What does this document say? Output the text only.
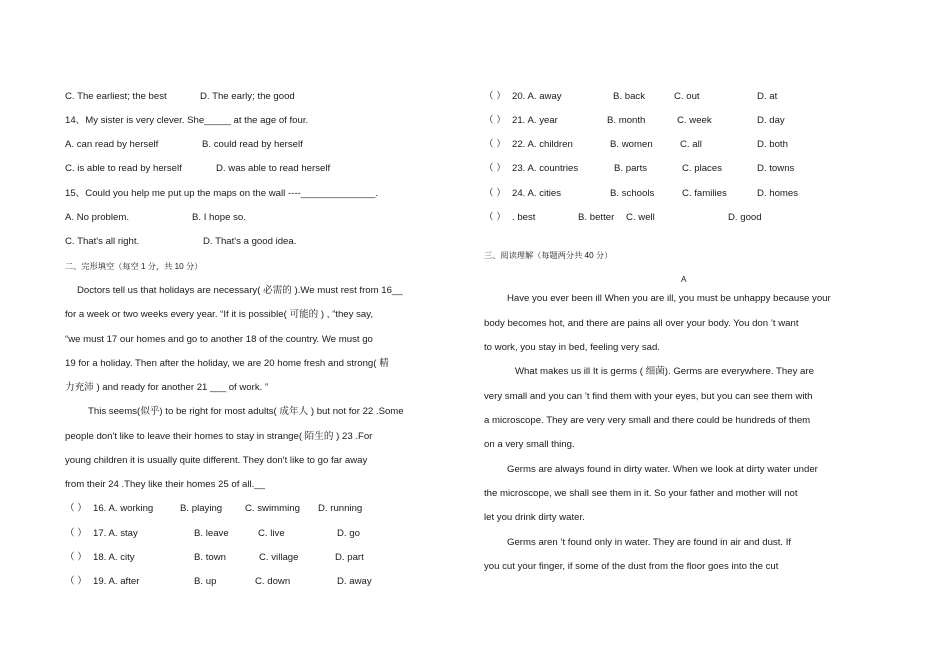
C. The earliest; the best	D. The early; the good
14、My sister is very clever. She_____ at the age of four.
A. can read by herself	B. could read by herself
C. is able to read by herself	D. was able to read herself
15、Could you help me put up the maps on the wall ----______________.
A. No problem.	B. I hope so.
C. That's all right.	D. That's a good idea.
二、完形填空（每空 1 分，共 10 分）
Doctors tell us that holidays are necessary( 必需的 ).We must rest from 16__
for a week or two weeks every year. “If it is possible( 可能的 ) , ”they say,
“we must 17 our homes and go to another 18 of the country. We must go
19 for a holiday. Then after the holiday, we are 20 home fresh and strong( 精
力充沛 ) and ready for another 21 ___ of work. ”
This seems(似乎) to be right for most adults( 成年人 ) but not for 22 .Some
people don't like to leave their homes to stay in strange( 陌生的 ) 23 .For
young children it is usually quite different. They don't like to go far away
from their 24 .They like their homes 25 of all.__
（ ） 16. A. working	B. playing C. swimming D. running
（ ） 17. A. stay	B. leave	C. live	D. go
（ ） 18. A. city	B. town	C. village	D. part
（ ） 19. A. after	B. up	C. down	D. away
（ ） 20. A. away	B. back	C. out	D. at
（ ） 21. A. year	B. month	C. week	D. day
（ ） 22. A. children	B. women	C. all	D. both
（ ） 23. A. countries	B. parts	C. places	D. towns
（ ） 24. A. cities	B. schools	C. families	D. homes
（ ） . best	B. better C. well	D. good
三、阅读理解（每题两分共 40 分）
A
Have you ever been ill When you are ill, you must be unhappy because your
body becomes hot, and there are pains all over your body. You don ’t want
to work, you stay in bed, feeling very sad.
What makes us ill It is germs ( 细菌). Germs are everywhere. They are
very small and you can ’t find them with your eyes, but you can see them with
a microscope. They are very very small and there could be hundreds of them
on a very small thing.
Germs are always found in dirty water. When we look at dirty water under
the microscope, we shall see them in it. So your father and mother will not
let you drink dirty water.
Germs aren ’t found only in water. They are found in air and dust. If
you cut your finger, if some of the dust from the floor goes into the cut
